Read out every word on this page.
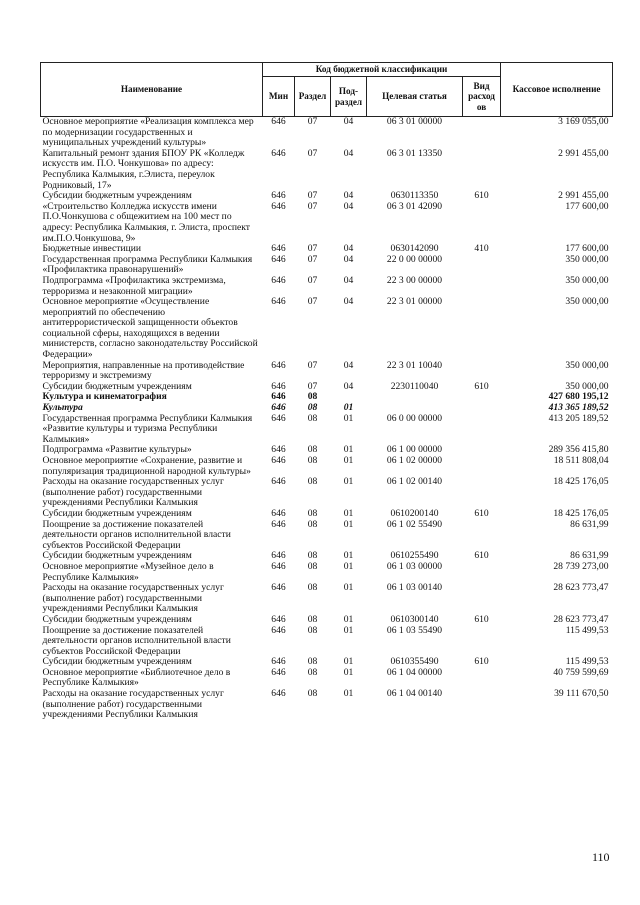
Наименование	Код бюджетной классификации					Кассовое исполнение
	Мин	Раздел	Под-раздел	Целевая статья	Вид расход ов	
Основное мероприятие «Реализация комплекса мер по модернизации государственных и муниципальных учреждений культуры»	646	07	04	06 3 01 00000		3 169 055,00
Капитальный ремонт здания БПОУ РК «Колледж искусств им. П.О. Чонкушова» по адресу: Республика Калмыкия, г.Элиста, переулок Родниковый, 17»	646	07	04	06 3 01 13350		2 991 455,00
Субсидии бюджетным учреждениям	646	07	04	0630113350	610	2 991 455,00
«Строительство Колледжа искусств имени П.О.Чонкушова с общежитием на 100 мест по адресу: Республика Калмыкия, г. Элиста, проспект им.П.О.Чонкушова, 9»	646	07	04	06 3 01 42090		177 600,00
Бюджетные инвестиции	646	07	04	0630142090	410	177 600,00
Государственная программа Республики Калмыкия «Профилактика правонарушений»	646	07	04	22 0 00 00000		350 000,00
Подпрограмма «Профилактика экстремизма, терроризма и незаконной миграции»	646	07	04	22 3 00 00000		350 000,00
Основное мероприятие «Осуществление мероприятий по обеспечению антитеррористической защищенности объектов социальной сферы, находящихся в ведении министерств, согласно законодательству Российской Федерации»	646	07	04	22 3 01 00000		350 000,00
Мероприятия, направленные на противодействие терроризму и экстремизму	646	07	04	22 3 01 10040		350 000,00
Субсидии бюджетным учреждениям	646	07	04	2230110040	610	350 000,00
Культура и кинематография	646	08				427 680 195,12
Культура	646	08	01			413 365 189,52
Государственная программа Республики Калмыкия «Развитие культуры и туризма Республики Калмыкия»	646	08	01	06 0 00 00000		413 205 189,52
Подпрограмма «Развитие культуры»	646	08	01	06 1 00 00000		289 356 415,80
Основное мероприятие «Сохранение, развитие и популяризация традиционной народной культуры»	646	08	01	06 1 02 00000		18 511 808,04
Расходы на оказание государственных услуг (выполнение работ) государственными учреждениями Республики Калмыкия	646	08	01	06 1 02 00140		18 425 176,05
Субсидии бюджетным учреждениям	646	08	01	0610200140	610	18 425 176,05
Поощрение за достижение показателей деятельности органов исполнительной власти субъектов Российской Федерации	646	08	01	06 1 02 55490		86 631,99
Субсидии бюджетным учреждениям	646	08	01	0610255490	610	86 631,99
Основное мероприятие «Музейное дело в Республике Калмыкия»	646	08	01	06 1 03 00000		28 739 273,00
Расходы на оказание государственных услуг (выполнение работ) государственными учреждениями Республики Калмыкия	646	08	01	06 1 03 00140		28 623 773,47
Субсидии бюджетным учреждениям	646	08	01	0610300140	610	28 623 773,47
Поощрение за достижение показателей деятельности органов исполнительной власти субъектов Российской Федерации	646	08	01	06 1 03 55490		115 499,53
Субсидии бюджетным учреждениям	646	08	01	0610355490	610	115 499,53
Основное мероприятие «Библиотечное дело в Республике Калмыкия»	646	08	01	06 1 04 00000		40 759 599,69
Расходы на оказание государственных услуг (выполнение работ) государственными учреждениями Республики Калмыкия	646	08	01	06 1 04 00140		39 111 670,50
110
